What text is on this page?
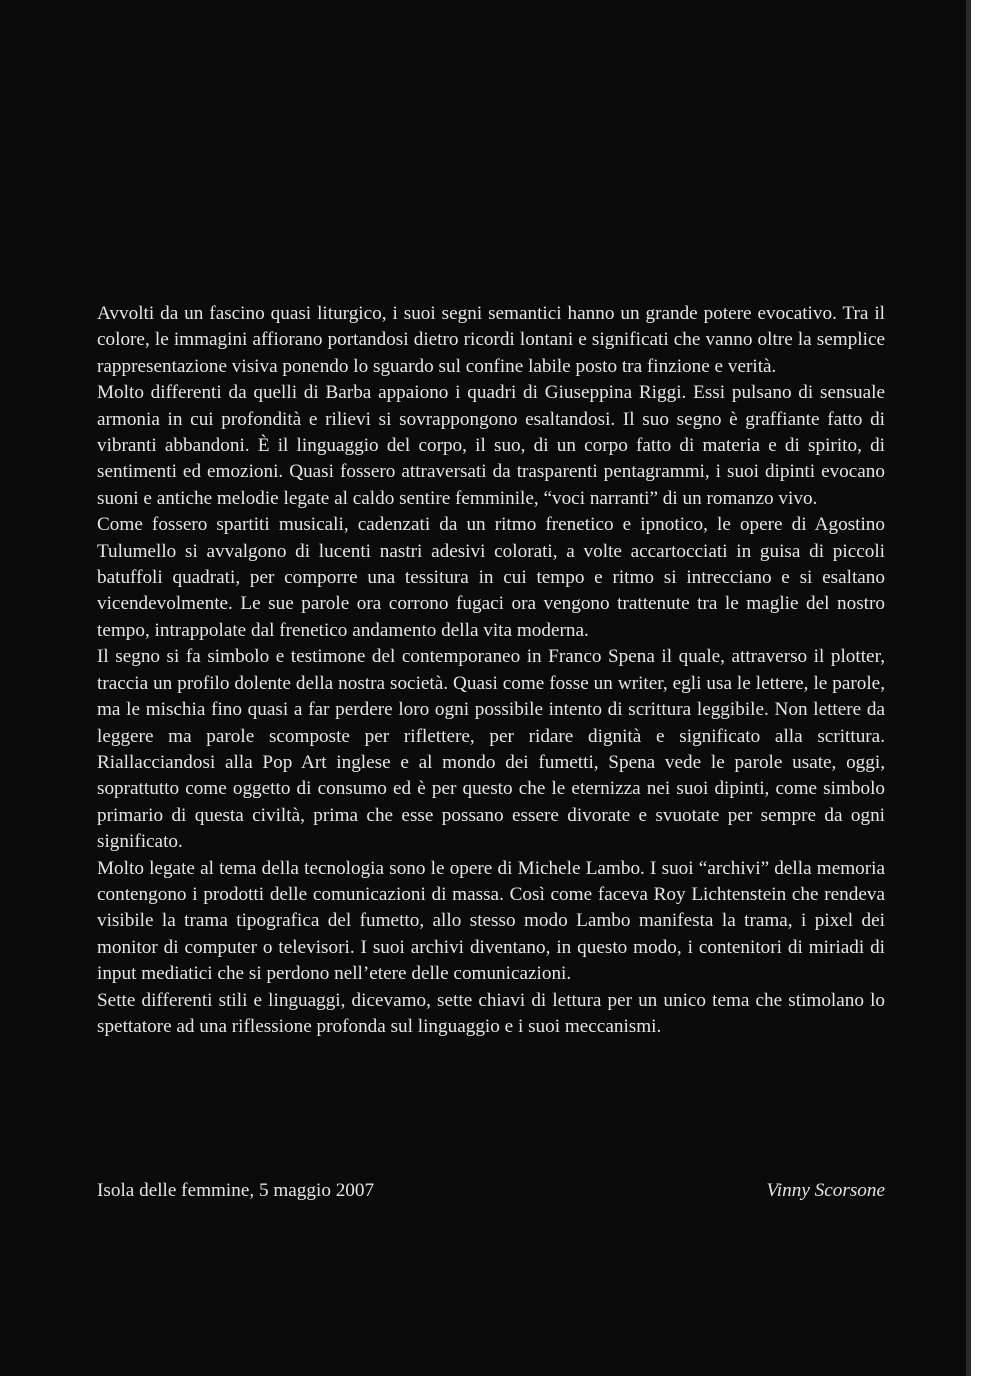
Avvolti da un fascino quasi liturgico, i suoi segni semantici hanno un grande potere evocativo. Tra il colore, le immagini affiorano portandosi dietro ricordi lontani e significati che vanno oltre la semplice rappresentazione visiva ponendo lo sguardo sul confine labile posto tra finzione e verità.

Molto differenti da quelli di Barba appaiono i quadri di Giuseppina Riggi. Essi pulsano di sensuale armonia in cui profondità e rilievi si sovrappongono esaltandosi. Il suo segno è graffiante fatto di vibranti abbandoni. È il linguaggio del corpo, il suo, di un corpo fatto di materia e di spirito, di sentimenti ed emozioni. Quasi fossero attraversati da trasparenti pentagrammi, i suoi dipinti evocano suoni e antiche melodie legate al caldo sentire femminile, “voci narranti” di un romanzo vivo.

Come fossero spartiti musicali, cadenzati da un ritmo frenetico e ipnotico, le opere di Agostino Tulumello si avvalgono di lucenti nastri adesivi colorati, a volte accartocciati in guisa di piccoli batuffoli quadrati, per comporre una tessitura in cui tempo e ritmo si intrecciano e si esaltano vicendevolmente. Le sue parole ora corrono fugaci ora vengono trattenute tra le maglie del nostro tempo, intrappolate dal frenetico andamento della vita moderna.

Il segno si fa simbolo e testimone del contemporaneo in Franco Spena il quale, attraverso il plotter, traccia un profilo dolente della nostra società. Quasi come fosse un writer, egli usa le lettere, le parole, ma le mischia fino quasi a far perdere loro ogni possibile intento di scrittura leggibile. Non lettere da leggere ma parole scomposte per riflettere, per ridare dignità e significato alla scrittura. Riallacciandosi alla Pop Art inglese e al mondo dei fumetti, Spena vede le parole usate, oggi, soprattutto come oggetto di consumo ed è per questo che le eternizza nei suoi dipinti, come simbolo primario di questa civiltà, prima che esse possano essere divorate e svuotate per sempre da ogni significato.

Molto legate al tema della tecnologia sono le opere di Michele Lambo. I suoi “archivi” della memoria contengono i prodotti delle comunicazioni di massa. Così come faceva Roy Lichtenstein che rendeva visibile la trama tipografica del fumetto, allo stesso modo Lambo manifesta la trama, i pixel dei monitor di computer o televisori. I suoi archivi diventano, in questo modo, i contenitori di miriadi di input mediatici che si perdono nell’etere delle comunicazioni.

Sette differenti stili e linguaggi, dicevamo, sette chiavi di lettura per un unico tema che stimolano lo spettatore ad una riflessione profonda sul linguaggio e i suoi meccanismi.

Isola delle femmine, 5 maggio 2007	Vinny Scorsone
